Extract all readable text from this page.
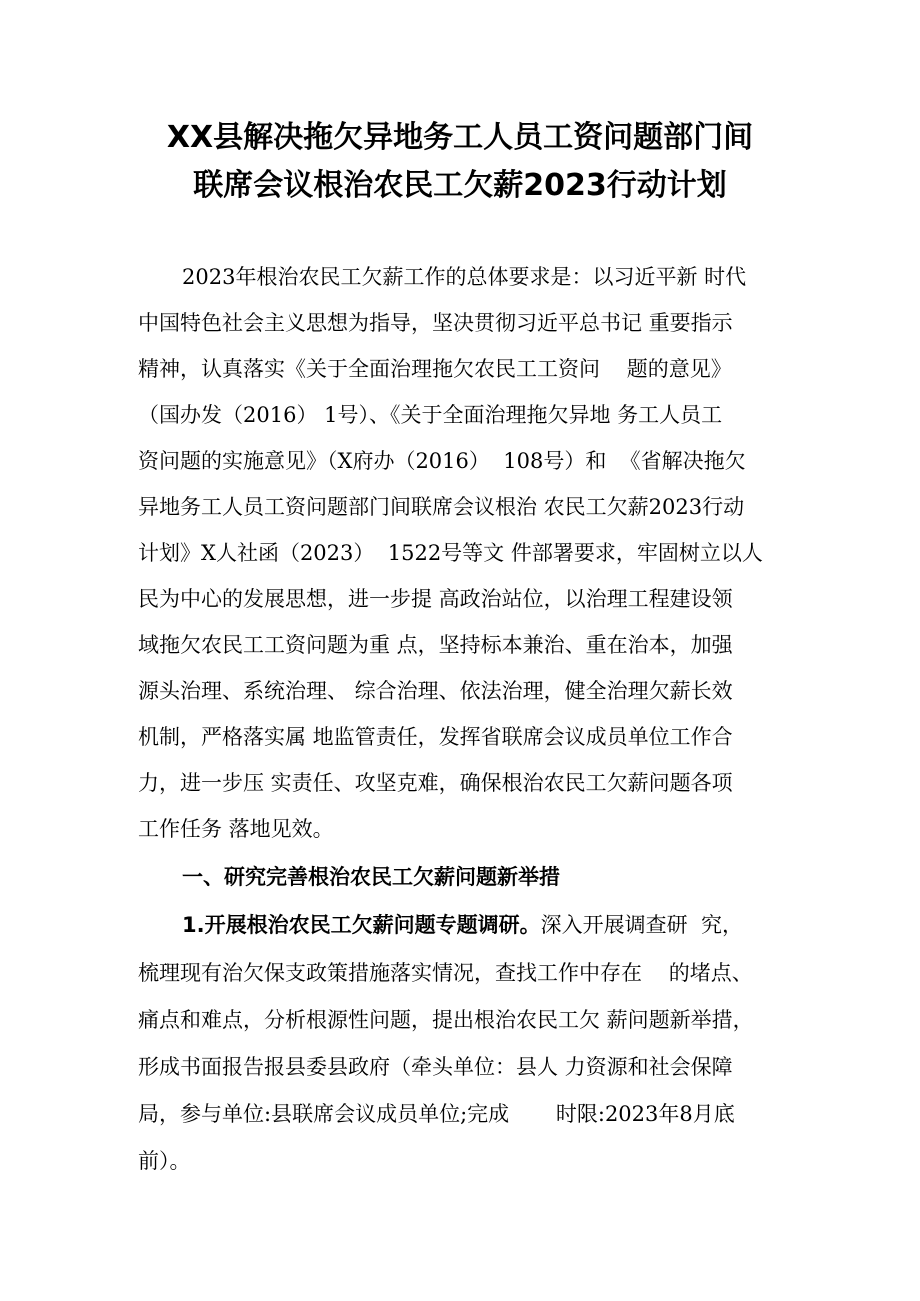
XX县解决拖欠异地务工人员工资问题部门间
联席会议根治农民工欠薪2023行动计划
2023年根治农民工欠薪工作的总体要求是：以习近平新 时代
中国特色社会主义思想为指导，坚决贯彻习近平总书记 重要指示
精神，认真落实《关于全面治理拖欠农民工工资问    题的意见》
（国办发（2016） 1号）、《关于全面治理拖欠异地 务工人员工
资问题的实施意见》（X府办（2016）  108号）和  《省解决拖欠
异地务工人员工资问题部门间联席会议根治 农民工欠薪2023行动
计划》X人社函（2023）  1522号等文 件部署要求，牢固树立以人
民为中心的发展思想，进一步提 高政治站位，以治理工程建设领
域拖欠农民工工资问题为重 点，坚持标本兼治、重在治本，加强
源头治理、系统治理、 综合治理、依法治理，健全治理欠薪长效
机制，严格落实属 地监管责任，发挥省联席会议成员单位工作合
力，进一步压 实责任、攻坚克难，确保根治农民工欠薪问题各项
工作任务 落地见效。
一、研究完善根治农民工欠薪问题新举措
1.开展根治农民工欠薪问题专题调研。深入开展调查研  究，
梳理现有治欠保支政策措施落实情况，查找工作中存在    的堵点、
痛点和难点，分析根源性问题，提出根治农民工欠 薪问题新举措，
形成书面报告报县委县政府（牵头单位：县人 力资源和社会保障
局，参与单位:县联席会议成员单位;完成       时限:2023年8月底
前）。
